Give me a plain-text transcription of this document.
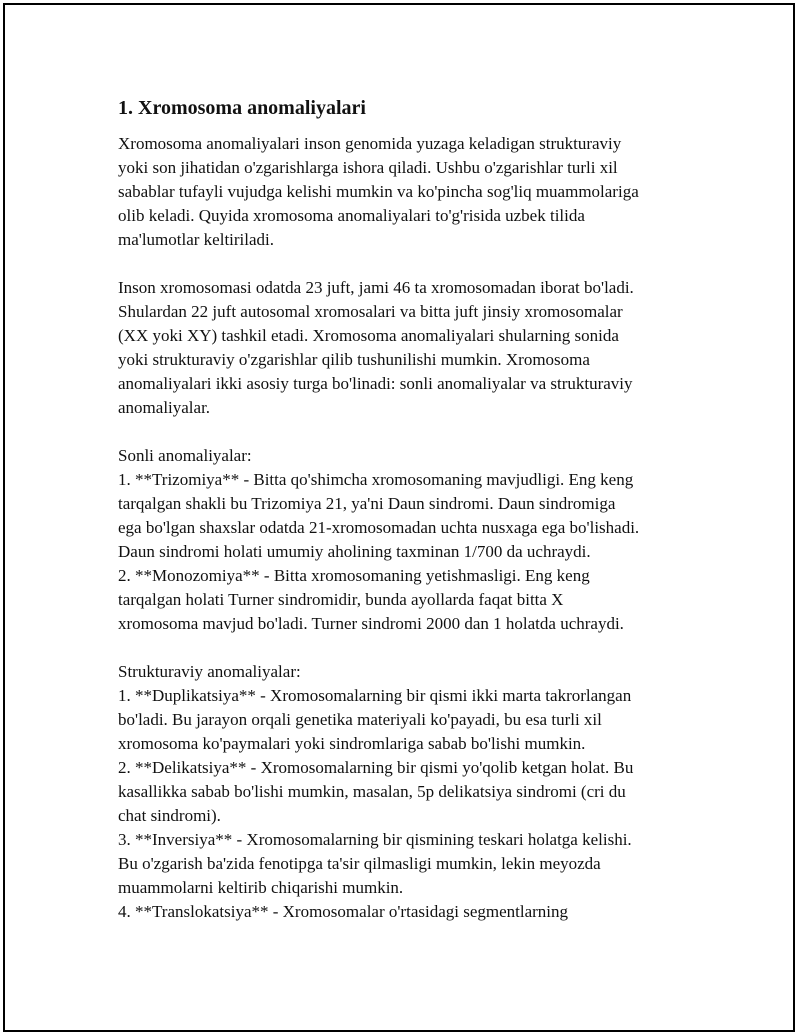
1. Xromosoma anomaliyalari
Xromosoma anomaliyalari inson genomida yuzaga keladigan strukturaviy
yoki son jihatidan o'zgarishlarga ishora qiladi. Ushbu o'zgarishlar turli xil
sabablar tufayli vujudga kelishi mumkin va ko'pincha sog'liq muammolariga
olib keladi. Quyida xromosoma anomaliyalari to'g'risida uzbek tilida
ma'lumotlar keltiriladi.
Inson xromosomasi odatda 23 juft, jami 46 ta xromosomadan iborat bo'ladi.
Shulardan 22 juft autosomal xromosalari va bitta juft jinsiy xromosomalar
(XX yoki XY) tashkil etadi. Xromosoma anomaliyalari shularning sonida
yoki strukturaviy o'zgarishlar qilib tushunilishi mumkin. Xromosoma
anomaliyalari ikki asosiy turga bo'linadi: sonli anomaliyalar va strukturaviy
anomaliyalar.
Sonli anomaliyalar:
1. **Trizomiya** - Bitta qo'shimcha xromosomaning mavjudligi. Eng keng
tarqalgan shakli bu Trizomiya 21, ya'ni Daun sindromi. Daun sindromiga
ega bo'lgan shaxslar odatda 21-xromosomadan uchta nusxaga ega bo'lishadi.
Daun sindromi holati umumiy aholining taxminan 1/700 da uchraydi.
2. **Monozomiya** - Bitta xromosomaning yetishmasligi. Eng keng
tarqalgan holati Turner sindromidir, bunda ayollarda faqat bitta X
xromosoma mavjud bo'ladi. Turner sindromi 2000 dan 1 holatda uchraydi.
Strukturaviy anomaliyalar:
1. **Duplikatsiya** - Xromosomalarning bir qismi ikki marta takrorlangan
bo'ladi. Bu jarayon orqali genetika materiyali ko'payadi, bu esa turli xil
xromosoma ko'paymalari yoki sindromlariga sabab bo'lishi mumkin.
2. **Delikatsiya** - Xromosomalarning bir qismi yo'qolib ketgan holat. Bu
kasallikka sabab bo'lishi mumkin, masalan, 5p delikatsiya sindromi (cri du
chat sindromi).
3. **Inversiya** - Xromosomalarning bir qismining teskari holatga kelishi.
Bu o'zgarish ba'zida fenotipga ta'sir qilmasligi mumkin, lekin meyozda
muammolarni keltirib chiqarishi mumkin.
4. **Translokatsiya** - Xromosomalar o'rtasidagi segmentlarning
